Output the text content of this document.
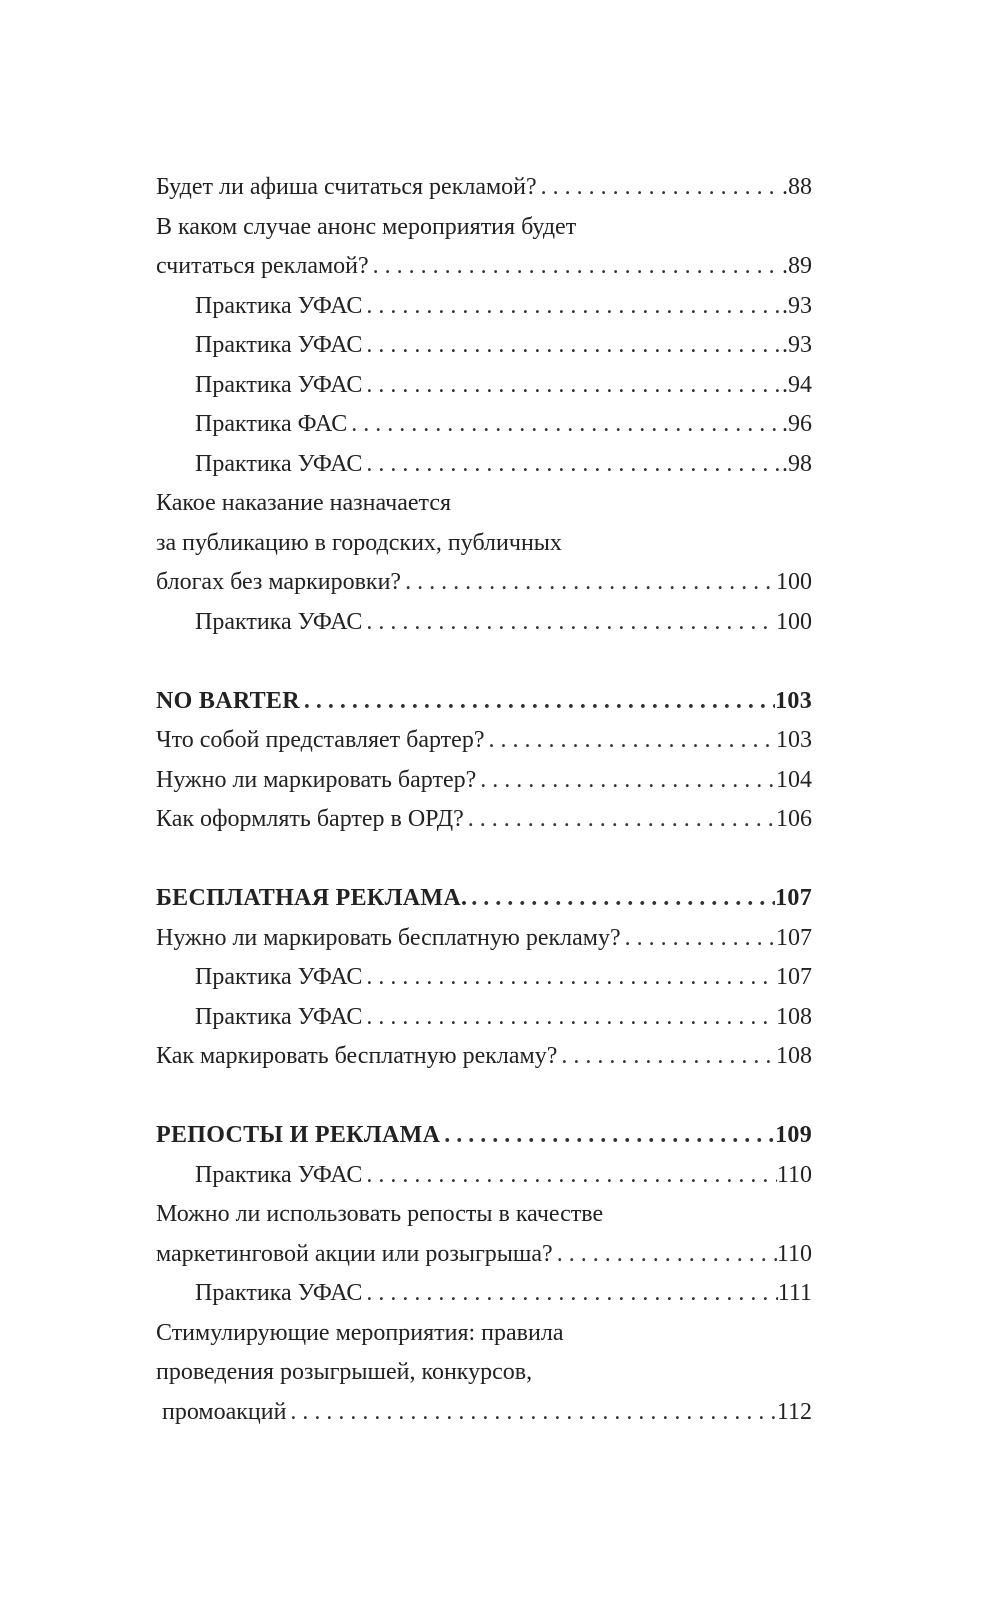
Будет ли афиша считаться рекламой? . . .	.88
В каком случае анонс мероприятия будет
считаться рекламой? . . .	.89
Практика УФАС . . .	.93
Практика УФАС . . .	.93
Практика УФАС . . .	.94
Практика ФАС . . .	.96
Практика УФАС . . .	.98
Какое наказание назначается
за публикацию в городских, публичных
блогах без маркировки? . . .	100
Практика УФАС . . .	100
NO BARTER . . .	103
Что собой представляет бартер? . . .	103
Нужно ли маркировать бартер? . . .	104
Как оформлять бартер в ОРД? . . .	106
БЕСПЛАТНАЯ РЕКЛАМА. . . .	107
Нужно ли маркировать бесплатную рекламу? . . .	107
Практика УФАС . . .	107
Практика УФАС . . .	108
Как маркировать бесплатную рекламу? . . .	108
РЕПОСТЫ И РЕКЛАМА . . .	109
Практика УФАС . . .	110
Можно ли использовать репосты в качестве
маркетинговой акции или розыгрыша? . . .	110
Практика УФАС . . .	111
Стимулирующие мероприятия: правила
проведения розыгрышей, конкурсов,
промоакций . . .	112
